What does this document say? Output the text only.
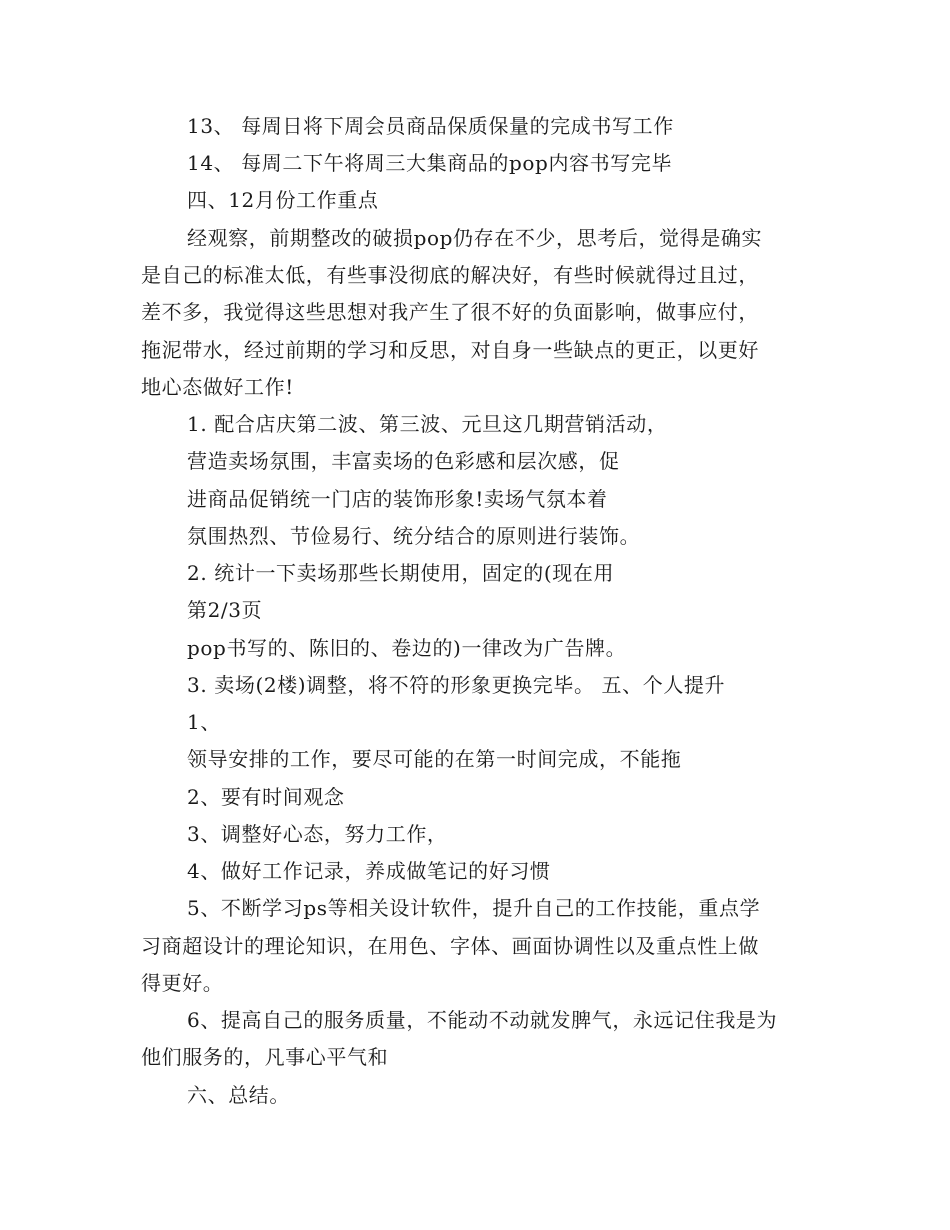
13、 每周日将下周会员商品保质保量的完成书写工作
14、 每周二下午将周三大集商品的pop内容书写完毕
四、12月份工作重点
经观察，前期整改的破损pop仍存在不少，思考后，觉得是确实
是自己的标准太低，有些事没彻底的解决好，有些时候就得过且过，
差不多，我觉得这些思想对我产生了很不好的负面影响，做事应付，
拖泥带水，经过前期的学习和反思，对自身一些缺点的更正，以更好
地心态做好工作!
1. 配合店庆第二波、第三波、元旦这几期营销活动，
营造卖场氛围，丰富卖场的色彩感和层次感，促
进商品促销统一门店的装饰形象!卖场气氛本着
氛围热烈、节俭易行、统分结合的原则进行装饰。
2. 统计一下卖场那些长期使用，固定的(现在用
第2/3页
pop书写的、陈旧的、卷边的)一律改为广告牌。
3. 卖场(2楼)调整，将不符的形象更换完毕。 五、个人提升
1、
领导安排的工作，要尽可能的在第一时间完成，不能拖
2、要有时间观念
3、调整好心态，努力工作，
4、做好工作记录，养成做笔记的好习惯
5、不断学习ps等相关设计软件，提升自己的工作技能，重点学
习商超设计的理论知识，在用色、字体、画面协调性以及重点性上做
得更好。
6、提高自己的服务质量，不能动不动就发脾气，永远记住我是为
他们服务的，凡事心平气和
六、总结。
